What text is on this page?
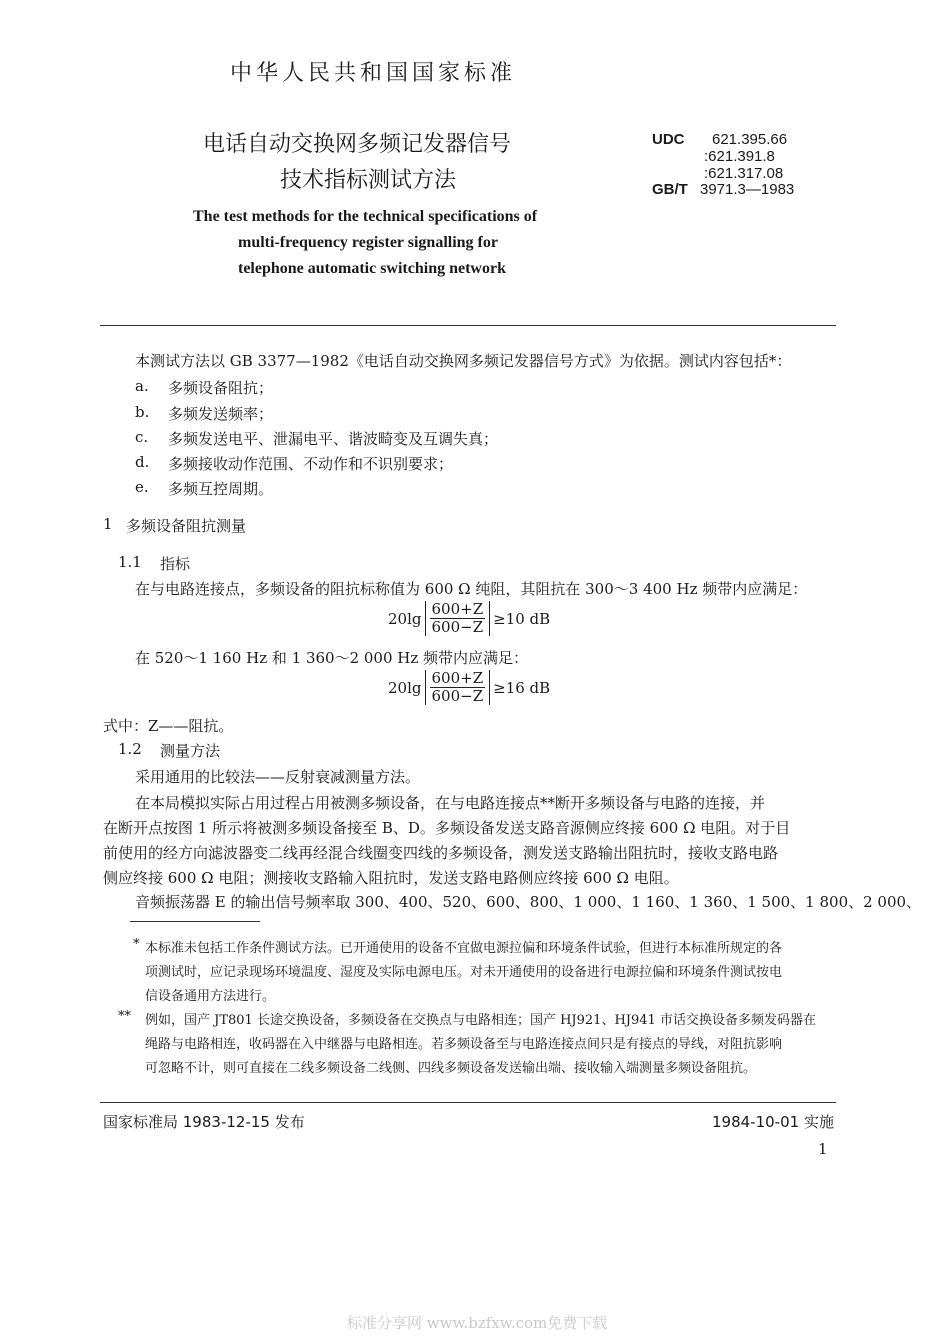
中华人民共和国国家标准
电话自动交换网多频记发器信号
技术指标测试方法
The test methods for the technical specifications of
multi-frequency register signalling for
telephone automatic switching network
UDC 621.395.66
:621.391.8
:621.317.08
GB/T 3971.3—1983
本测试方法以 GB 3377—1982《电话自动交换网多频记发器信号方式》为依据。测试内容包括*：
a. 多频设备阻抗；
b. 多频发送频率；
c. 多频发送电平、泄漏电平、谐波畸变及互调失真；
d. 多频接收动作范围、不动作和不识别要求；
e. 多频互控周期。
1 多频设备阻抗测量
1.1 指标
在与电路连接点，多频设备的阻抗标称值为 600 Ω 纯阻，其阻抗在 300～3 400 Hz 频带内应满足：
$20\lg \frac{600+Z}{600-Z} \ge 10$ dB
在 520～1 160 Hz 和 1 360～2 000 Hz 频带内应满足：
$20\lg \frac{600+Z}{600-Z} \ge 16$ dB
式中：Z——阻抗。
1.2 测量方法
采用通用的比较法——反射衰减测量方法。
在本局模拟实际占用过程占用被测多频设备，在与电路连接点**断开多频设备与电路的连接，并
在断开点按图 1 所示将被测多频设备接至 B、D。多频设备发送支路音源侧应终接 600 Ω 电阻。对于目
前使用的经方向滤波器变二线再经混合线圈变四线的多频设备，测发送支路输出阻抗时，接收支路电路
侧应终接 600 Ω 电阻；测接收支路输入阻抗时，发送支路电路侧应终接 600 Ω 电阻。
音频振荡器 E 的输出信号频率取 300、400、520、600、800、1 000、1 160、1 360、1 500、1 800、2 000、
* 本标准未包括工作条件测试方法。已开通使用的设备不宜做电源拉偏和环境条件试验，但进行本标准所规定的各
项测试时，应记录现场环境温度、湿度及实际电源电压。对未开通使用的设备进行电源拉偏和环境条件测试按电
信设备通用方法进行。
** 例如，国产 JT801 长途交换设备，多频设备在交换点与电路相连；国产 HJ921、HJ941 市话交换设备多频发码器在
绳路与电路相连，收码器在入中继器与电路相连。若多频设备至与电路连接点间只是有接点的导线，对阻抗影响
可忽略不计，则可直接在二线多频设备二线侧、四线多频设备发送输出端、接收输入端测量多频设备阻抗。
国家标准局 1983-12-15 发布	1984-10-01 实施
1
标准分享网 www.bzfxw.com免费下载
